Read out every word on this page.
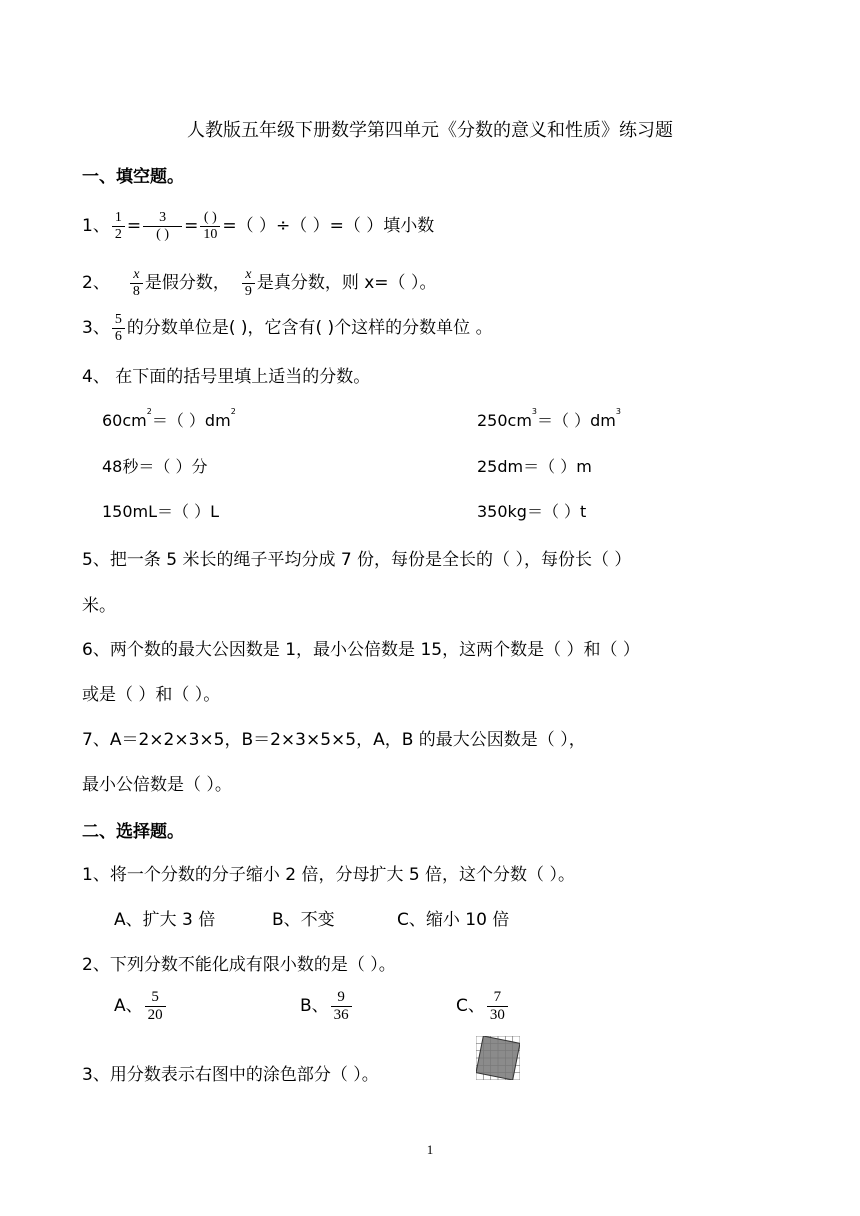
人教版五年级下册数学第四单元《分数的意义和性质》练习题
一、填空题。
1、 $\frac{1}{2} = \frac{3}{( )} = \frac{( )}{10}$ =（ ）÷（ ）=（ ）填小数
2、 $\frac{x}{8}$ 是假分数， $\frac{x}{9}$ 是真分数，则 x=（ ）。
3、 $\frac{5}{6}$ 的分数单位是( )，它含有( )个这样的分数单位 。
4、 在下面的括号里填上适当的分数。
$60cm^2=$（ ）$dm^2$	$250cm^3=$（ ）$dm^3$
48秒＝（ ）分	25dm＝（ ）m
150mL＝（ ）L	350kg＝（ ）t
5、把一条 5 米长的绳子平均分成 7 份，每份是全长的（ ），每份长（ ）
米。
6、两个数的最大公因数是 1，最小公倍数是 15，这两个数是（ ）和（ ）
或是（ ）和（ ）。
7、A＝2×2×3×5，B＝2×3×5×5，A，B 的最大公因数是（ ），
最小公倍数是（ ）。
二、选择题。
1、将一个分数的分子缩小 2 倍，分母扩大 5 倍，这个分数（ ）。
A、扩大 3 倍	B、不变	C、缩小 10 倍
2、下列分数不能化成有限小数的是（ ）。
A、 $\frac{5}{20}$	B、 $\frac{9}{36}$	C、 $\frac{7}{30}$
3、用分数表示右图中的涂色部分（ ）。
1
